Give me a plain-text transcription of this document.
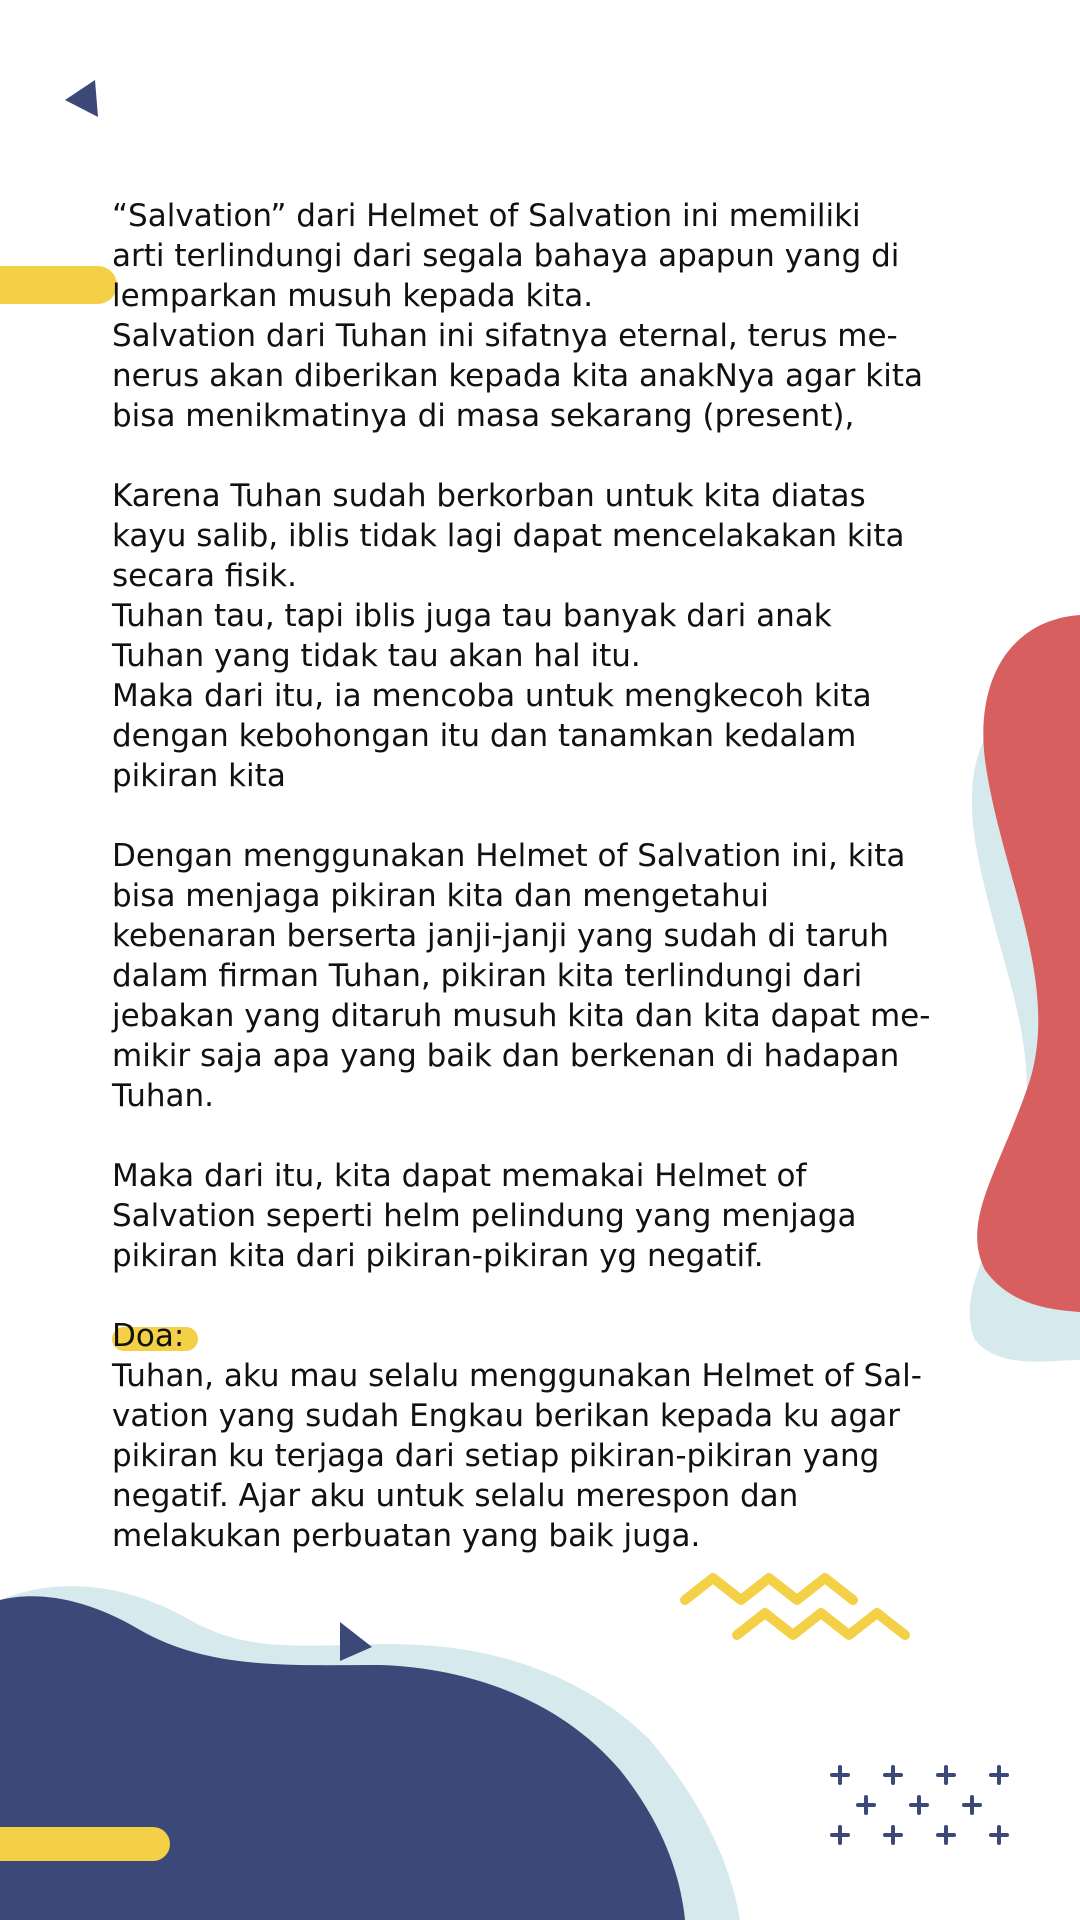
“Salvation” dari Helmet of Salvation ini memiliki
arti terlindungi dari segala bahaya apapun yang di
lemparkan musuh kepada kita.
Salvation dari Tuhan ini sifatnya eternal, terus me-
nerus akan diberikan kepada kita anakNya agar kita
bisa menikmatinya di masa sekarang (present),

Karena Tuhan sudah berkorban untuk kita diatas
kayu salib, iblis tidak lagi dapat mencelakakan kita
secara fisik.
Tuhan tau, tapi iblis juga tau banyak dari anak
Tuhan yang tidak tau akan hal itu.
Maka dari itu, ia mencoba untuk mengkecoh kita
dengan kebohongan itu dan tanamkan kedalam
pikiran kita

Dengan menggunakan Helmet of Salvation ini, kita
bisa menjaga pikiran kita dan mengetahui
kebenaran berserta janji-janji yang sudah di taruh
dalam firman Tuhan, pikiran kita terlindungi dari
jebakan yang ditaruh musuh kita dan kita dapat me-
mikir saja apa yang baik dan berkenan di hadapan
Tuhan.

Maka dari itu, kita dapat memakai Helmet of
Salvation seperti helm pelindung yang menjaga
pikiran kita dari pikiran-pikiran yg negatif.

Doa:

Tuhan, aku mau selalu menggunakan Helmet of Sal-
vation yang sudah Engkau berikan kepada ku agar
pikiran ku terjaga dari setiap pikiran-pikiran yang
negatif. Ajar aku untuk selalu merespon dan
melakukan perbuatan yang baik juga.
